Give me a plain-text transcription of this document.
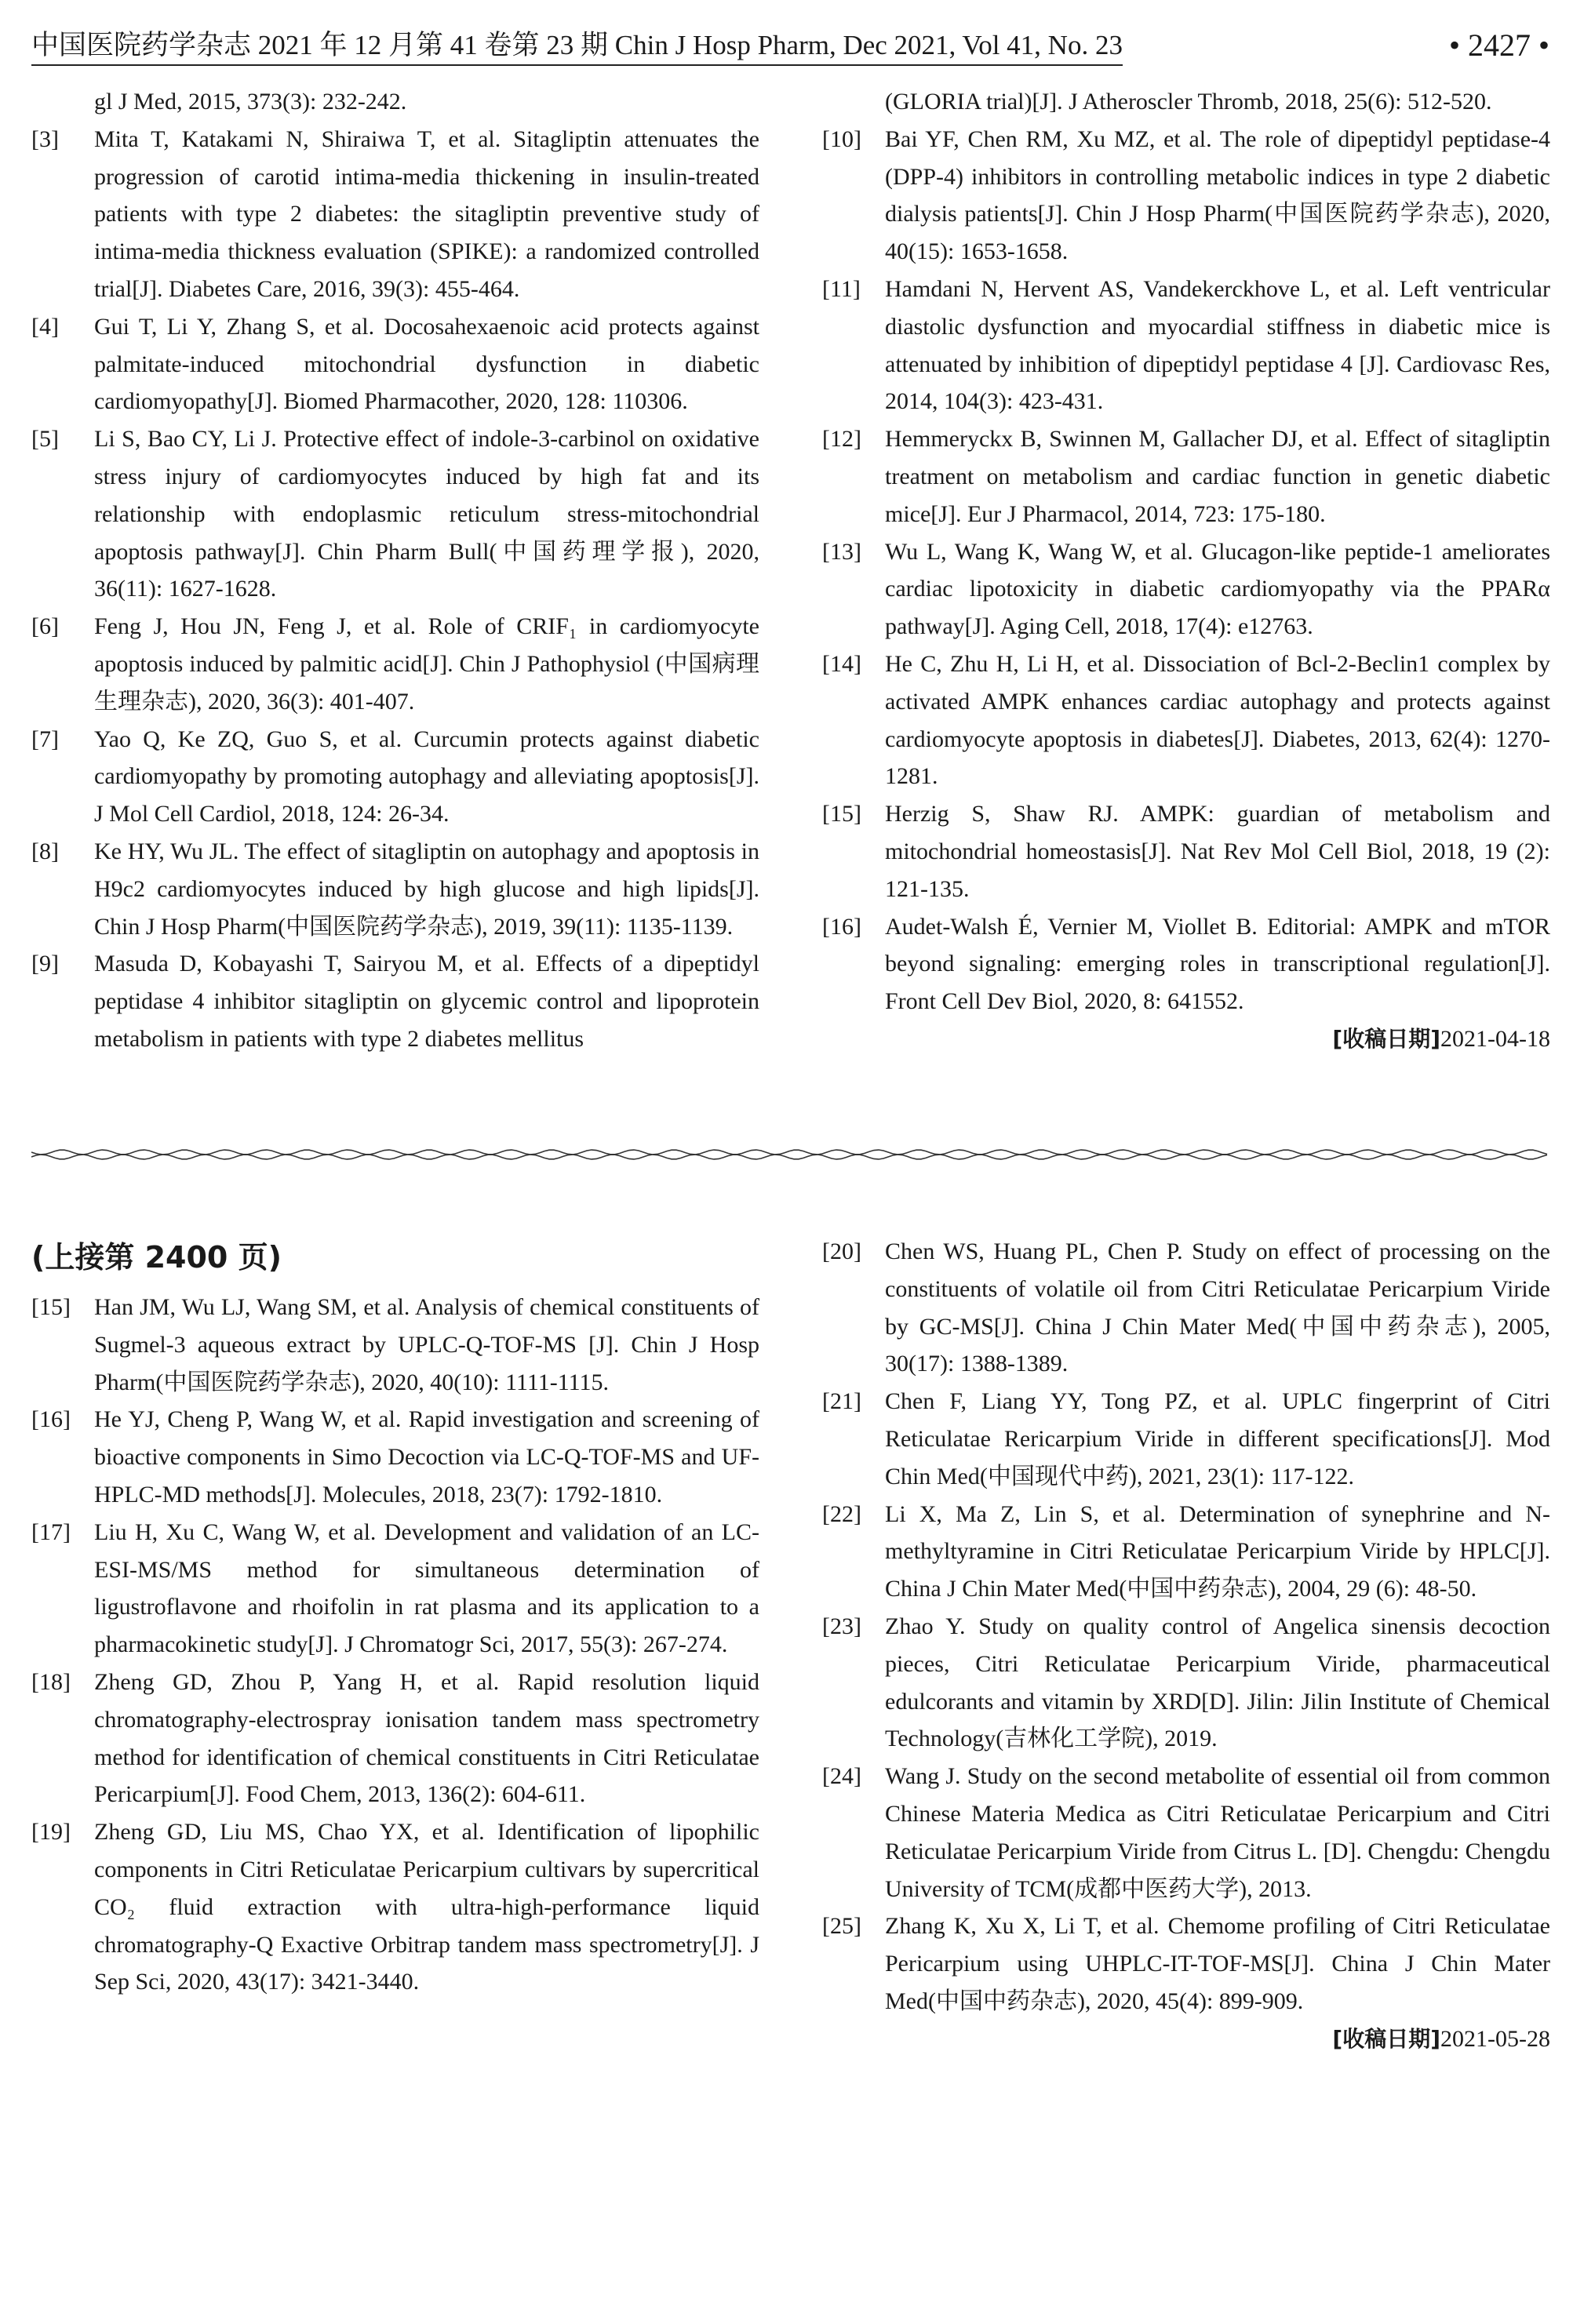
中国医院药学杂志 2021 年 12 月第 41 卷第 23 期 Chin J Hosp Pharm, Dec 2021, Vol 41, No. 23	• 2427 •
gl J Med, 2015, 373(3): 232-242.
[3] Mita T, Katakami N, Shiraiwa T, et al. Sitagliptin attenuates the progression of carotid intima-media thickening in insulin-treated patients with type 2 diabetes: the sitagliptin preventive study of intima-media thickness evaluation (SPIKE): a randomized controlled trial[J]. Diabetes Care, 2016, 39(3): 455-464.
[4] Gui T, Li Y, Zhang S, et al. Docosahexaenoic acid protects against palmitate-induced mitochondrial dysfunction in diabetic cardiomyopathy[J]. Biomed Pharmacother, 2020, 128: 110306.
[5] Li S, Bao CY, Li J. Protective effect of indole-3-carbinol on oxidative stress injury of cardiomyocytes induced by high fat and its relationship with endoplasmic reticulum stress-mitochondrial apoptosis pathway[J]. Chin Pharm Bull(中国药理学报), 2020, 36(11): 1627-1628.
[6] Feng J, Hou JN, Feng J, et al. Role of CRIF₁ in cardiomyocyte apoptosis induced by palmitic acid[J]. Chin J Pathophysiol (中国病理生理杂志), 2020, 36(3): 401-407.
[7] Yao Q, Ke ZQ, Guo S, et al. Curcumin protects against diabetic cardiomyopathy by promoting autophagy and alleviating apoptosis[J]. J Mol Cell Cardiol, 2018, 124: 26-34.
[8] Ke HY, Wu JL. The effect of sitagliptin on autophagy and apoptosis in H9c2 cardiomyocytes induced by high glucose and high lipids[J]. Chin J Hosp Pharm(中国医院药学杂志), 2019, 39(11): 1135-1139.
[9] Masuda D, Kobayashi T, Sairyou M, et al. Effects of a dipeptidyl peptidase 4 inhibitor sitagliptin on glycemic control and lipoprotein metabolism in patients with type 2 diabetes mellitus
(GLORIA trial)[J]. J Atheroscler Thromb, 2018, 25(6): 512-520.
[10] Bai YF, Chen RM, Xu MZ, et al. The role of dipeptidyl peptidase-4 (DPP-4) inhibitors in controlling metabolic indices in type 2 diabetic dialysis patients[J]. Chin J Hosp Pharm(中国医院药学杂志), 2020, 40(15): 1653-1658.
[11] Hamdani N, Hervent AS, Vandekerckhove L, et al. Left ventricular diastolic dysfunction and myocardial stiffness in diabetic mice is attenuated by inhibition of dipeptidyl peptidase 4 [J]. Cardiovasc Res, 2014, 104(3): 423-431.
[12] Hemmeryckx B, Swinnen M, Gallacher DJ, et al. Effect of sitagliptin treatment on metabolism and cardiac function in genetic diabetic mice[J]. Eur J Pharmacol, 2014, 723: 175-180.
[13] Wu L, Wang K, Wang W, et al. Glucagon-like peptide-1 ameliorates cardiac lipotoxicity in diabetic cardiomyopathy via the PPARα pathway[J]. Aging Cell, 2018, 17(4): e12763.
[14] He C, Zhu H, Li H, et al. Dissociation of Bcl-2-Beclin1 complex by activated AMPK enhances cardiac autophagy and protects against cardiomyocyte apoptosis in diabetes[J]. Diabetes, 2013, 62(4): 1270-1281.
[15] Herzig S, Shaw RJ. AMPK: guardian of metabolism and mitochondrial homeostasis[J]. Nat Rev Mol Cell Biol, 2018, 19 (2): 121-135.
[16] Audet-Walsh É, Vernier M, Viollet B. Editorial: AMPK and mTOR beyond signaling: emerging roles in transcriptional regulation[J]. Front Cell Dev Biol, 2020, 8: 641552.
[收稿日期]2021-04-18
(上接第 2400 页)
[15] Han JM, Wu LJ, Wang SM, et al. Analysis of chemical constituents of Sugmel-3 aqueous extract by UPLC-Q-TOF-MS [J]. Chin J Hosp Pharm(中国医院药学杂志), 2020, 40(10): 1111-1115.
[16] He YJ, Cheng P, Wang W, et al. Rapid investigation and screening of bioactive components in Simo Decoction via LC-Q-TOF-MS and UF-HPLC-MD methods[J]. Molecules, 2018, 23(7): 1792-1810.
[17] Liu H, Xu C, Wang W, et al. Development and validation of an LC-ESI-MS/MS method for simultaneous determination of ligustroflavone and rhoifolin in rat plasma and its application to a pharmacokinetic study[J]. J Chromatogr Sci, 2017, 55(3): 267-274.
[18] Zheng GD, Zhou P, Yang H, et al. Rapid resolution liquid chromatography-electrospray ionisation tandem mass spectrometry method for identification of chemical constituents in Citri Reticulatae Pericarpium[J]. Food Chem, 2013, 136(2): 604-611.
[19] Zheng GD, Liu MS, Chao YX, et al. Identification of lipophilic components in Citri Reticulatae Pericarpium cultivars by supercritical CO₂ fluid extraction with ultra-high-performance liquid chromatography-Q Exactive Orbitrap tandem mass spectrometry[J]. J Sep Sci, 2020, 43(17): 3421-3440.
[20] Chen WS, Huang PL, Chen P. Study on effect of processing on the constituents of volatile oil from Citri Reticulatae Pericarpium Viride by GC-MS[J]. China J Chin Mater Med(中国中药杂志), 2005, 30(17): 1388-1389.
[21] Chen F, Liang YY, Tong PZ, et al. UPLC fingerprint of Citri Reticulatae Rericarpium Viride in different specifications[J]. Mod Chin Med(中国现代中药), 2021, 23(1): 117-122.
[22] Li X, Ma Z, Lin S, et al. Determination of synephrine and N-methyltyramine in Citri Reticulatae Pericarpium Viride by HPLC[J]. China J Chin Mater Med(中国中药杂志), 2004, 29 (6): 48-50.
[23] Zhao Y. Study on quality control of Angelica sinensis decoction pieces, Citri Reticulatae Pericarpium Viride, pharmaceutical edulcorants and vitamin by XRD[D]. Jilin: Jilin Institute of Chemical Technology(吉林化工学院), 2019.
[24] Wang J. Study on the second metabolite of essential oil from common Chinese Materia Medica as Citri Reticulatae Pericarpium and Citri Reticulatae Pericarpium Viride from Citrus L. [D]. Chengdu: Chengdu University of TCM(成都中医药大学), 2013.
[25] Zhang K, Xu X, Li T, et al. Chemome profiling of Citri Reticulatae Pericarpium using UHPLC-IT-TOF-MS[J]. China J Chin Mater Med(中国中药杂志), 2020, 45(4): 899-909.
[收稿日期]2021-05-28
